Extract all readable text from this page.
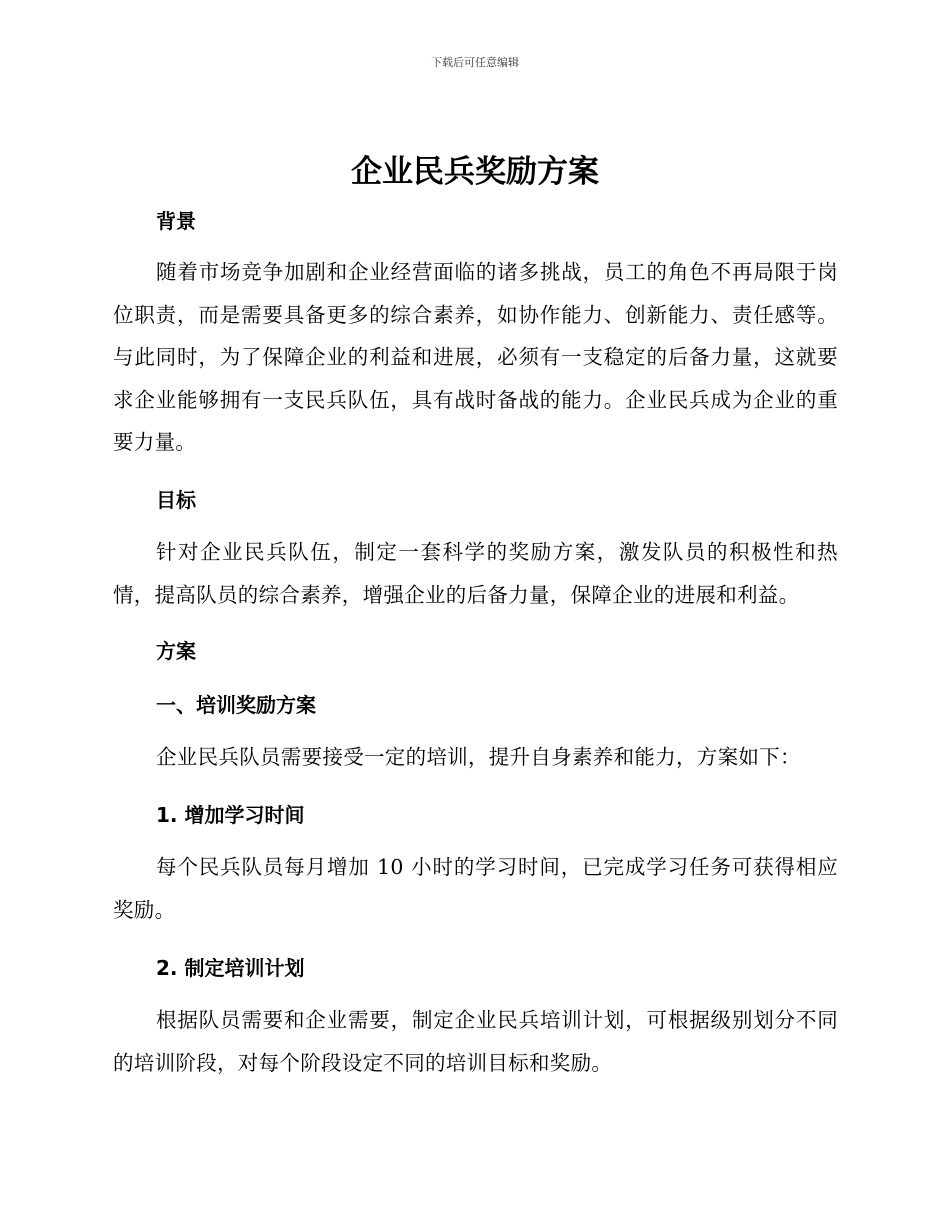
下载后可任意编辑
企业民兵奖励方案
背景

随着市场竞争加剧和企业经营面临的诸多挑战，员工的角色不再局限于岗位职责，而是需要具备更多的综合素养，如协作能力、创新能力、责任感等。与此同时，为了保障企业的利益和进展，必须有一支稳定的后备力量，这就要求企业能够拥有一支民兵队伍，具有战时备战的能力。企业民兵成为企业的重要力量。

目标

针对企业民兵队伍，制定一套科学的奖励方案，激发队员的积极性和热情，提高队员的综合素养，增强企业的后备力量，保障企业的进展和利益。

方案
一、培训奖励方案

企业民兵队员需要接受一定的培训，提升自身素养和能力，方案如下：

1. 增加学习时间

每个民兵队员每月增加 10 小时的学习时间，已完成学习任务可获得相应奖励。

2. 制定培训计划

根据队员需要和企业需要，制定企业民兵培训计划，可根据级别划分不同的培训阶段，对每个阶段设定不同的培训目标和奖励。
